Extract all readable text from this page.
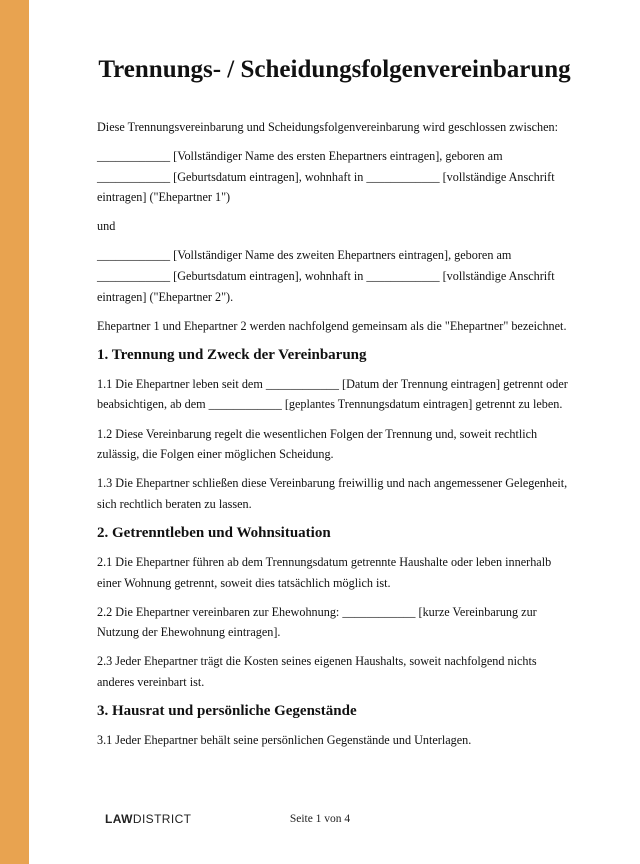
Trennungs- / Scheidungsfolgenvereinbarung

Diese Trennungsvereinbarung und Scheidungsfolgenvereinbarung wird geschlossen zwischen:

____________ [Vollständiger Name des ersten Ehepartners eintragen], geboren am ____________ [Geburtsdatum eintragen], wohnhaft in ____________ [vollständige Anschrift eintragen] ("Ehepartner 1")

und

____________ [Vollständiger Name des zweiten Ehepartners eintragen], geboren am ____________ [Geburtsdatum eintragen], wohnhaft in ____________ [vollständige Anschrift eintragen] ("Ehepartner 2").

Ehepartner 1 und Ehepartner 2 werden nachfolgend gemeinsam als die "Ehepartner" bezeichnet.

1. Trennung und Zweck der Vereinbarung

1.1 Die Ehepartner leben seit dem ____________ [Datum der Trennung eintragen] getrennt oder beabsichtigen, ab dem ____________ [geplantes Trennungsdatum eintragen] getrennt zu leben.

1.2 Diese Vereinbarung regelt die wesentlichen Folgen der Trennung und, soweit rechtlich zulässig, die Folgen einer möglichen Scheidung.

1.3 Die Ehepartner schließen diese Vereinbarung freiwillig und nach angemessener Gelegenheit, sich rechtlich beraten zu lassen.

2. Getrenntleben und Wohnsituation

2.1 Die Ehepartner führen ab dem Trennungsdatum getrennte Haushalte oder leben innerhalb einer Wohnung getrennt, soweit dies tatsächlich möglich ist.

2.2 Die Ehepartner vereinbaren zur Ehewohnung: ____________ [kurze Vereinbarung zur Nutzung der Ehewohnung eintragen].

2.3 Jeder Ehepartner trägt die Kosten seines eigenen Haushalts, soweit nachfolgend nichts anderes vereinbart ist.

3. Hausrat und persönliche Gegenstände

3.1 Jeder Ehepartner behält seine persönlichen Gegenstände und Unterlagen.

LAWDISTRICT	Seite 1 von 4
